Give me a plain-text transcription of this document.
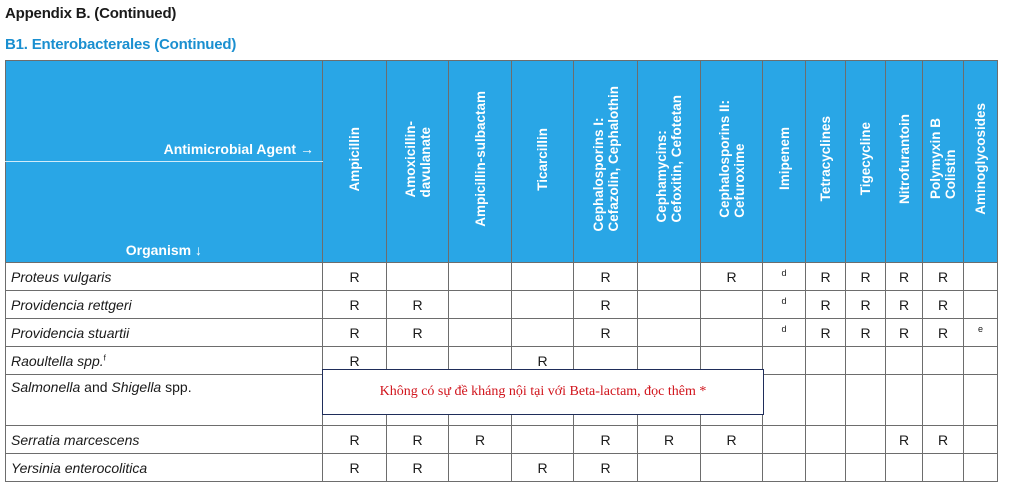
Appendix B. (Continued)
B1. Enterobacterales (Continued)
Antimicrobial Agent →	Ampicillin	Amoxicillin-
davulanate	Ampicillin-sulbactam	Ticarcillin	Cephalosporins I:
Cefazolin, Cephalothin	Cephamycins:
Cefoxitin, Cefotetan	Cephalosporins II:
Cefuroxime	Imipenem	Tetracyclines	Tigecycline	Nitrofurantoin	Polymyxin B
Colistin	Aminoglycosides
Organism ↓													
Proteus vulgaris	R				R		R	$^d$	R	R	R	R	
Providencia rettgeri	R	R			R			$^d$	R	R	R	R	
Providencia stuartii	R	R			R			$^d$	R	R	R	R	$^e$
Raoultella spp.$^f$	R			R									
Salmonella and Shigella spp.													
Serratia marcescens	R	R	R		R	R	R				R	R	
Yersinia enterocolitica	R	R		R	R								
Không có sự đề kháng nội tại với Beta-lactam, đọc thêm *
